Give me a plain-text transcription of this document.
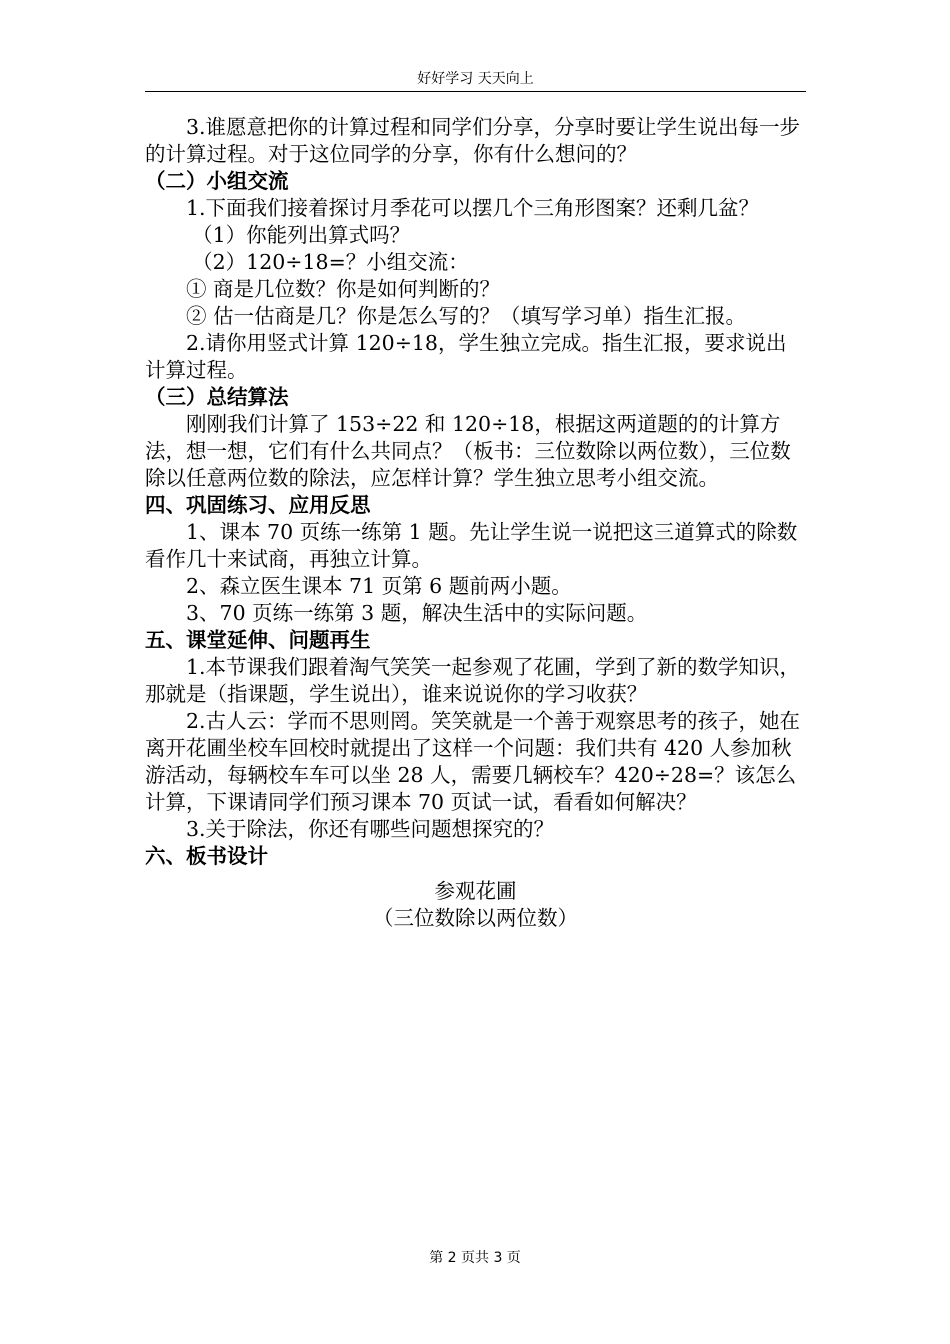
好好学习 天天向上

3.谁愿意把你的计算过程和同学们分享，分享时要让学生说出每一步的计算过程。对于这位同学的分享，你有什么想问的？

（二）小组交流

1.下面我们接着探讨月季花可以摆几个三角形图案？还剩几盆？

（1）你能列出算式吗？

（2）120÷18=？小组交流：

① 商是几位数？你是如何判断的？

② 估一估商是几？你是怎么写的？（填写学习单）指生汇报。

2.请你用竖式计算 120÷18，学生独立完成。指生汇报，要求说出计算过程。

（三）总结算法

刚刚我们计算了 153÷22 和 120÷18，根据这两道题的的计算方法，想一想，它们有什么共同点？（板书：三位数除以两位数），三位数除以任意两位数的除法，应怎样计算？学生独立思考小组交流。

四、巩固练习、应用反思

1、课本 70 页练一练第 1 题。先让学生说一说把这三道算式的除数看作几十来试商，再独立计算。

2、森立医生课本 71 页第 6 题前两小题。

3、70 页练一练第 3 题，解决生活中的实际问题。

五、课堂延伸、问题再生

1.本节课我们跟着淘气笑笑一起参观了花圃，学到了新的数学知识，那就是（指课题，学生说出），谁来说说你的学习收获？

2.古人云：学而不思则罔。笑笑就是一个善于观察思考的孩子，她在离开花圃坐校车回校时就提出了这样一个问题：我们共有 420 人参加秋游活动，每辆校车车可以坐 28 人，需要几辆校车？420÷28=？该怎么计算，下课请同学们预习课本 70 页试一试，看看如何解决？

3.关于除法，你还有哪些问题想探究的？

六、板书设计

参观花圃

（三位数除以两位数）

第 2 页共 3 页
